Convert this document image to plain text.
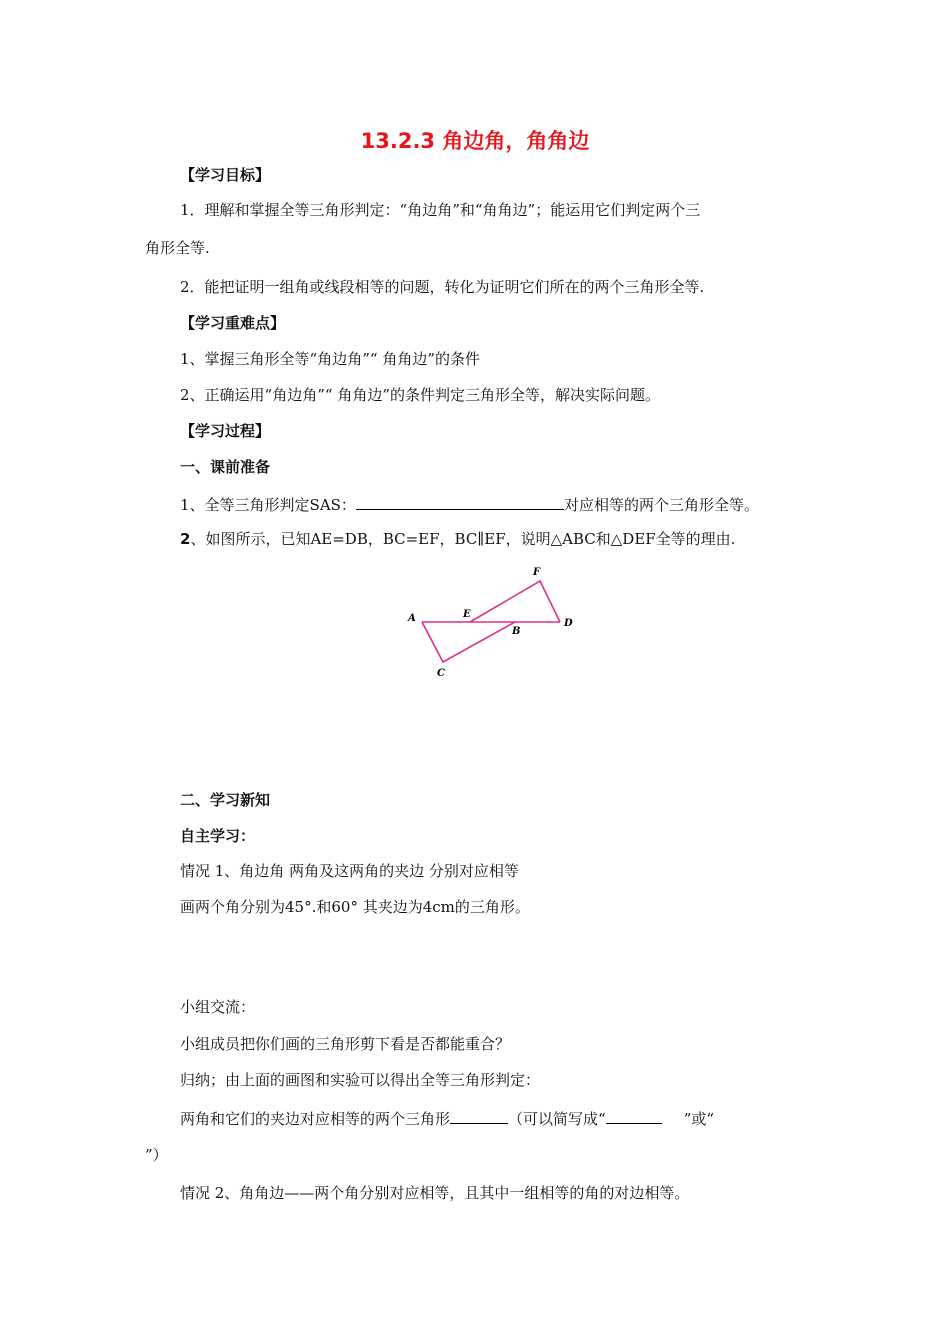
13.2.3 角边角，角角边
【学习目标】
1．理解和掌握全等三角形判定：“角边角”和“角角边”；能运用它们判定两个三
角形全等.
2．能把证明一组角或线段相等的问题，转化为证明它们所在的两个三角形全等.
【学习重难点】
1、掌握三角形全等“角边角”“ 角角边”的条件
2、正确运用“角边角”“ 角角边”的条件判定三角形全等，解决实际问题。
【学习过程】
一、课前准备
1、全等三角形判定SAS：	对应相等的两个三角形全等。
2、如图所示，已知AE=DB，BC=EF，BC∥EF，说明△ABC和△DEF全等的理由.
A
B
C
D
E
F
二、学习新知
自主学习：
情况 1、角边角 两角及这两角的夹边 分别对应相等
画两个角分别为45°.和60° 其夹边为4cm的三角形。
小组交流：
小组成员把你们画的三角形剪下看是否都能重合？
归纳；由上面的画图和实验可以得出全等三角形判定：
两角和它们的夹边对应相等的两个三角形	（可以简写成“	”或“
”）
情况 2、角角边——两个角分别对应相等，且其中一组相等的角的对边相等。
